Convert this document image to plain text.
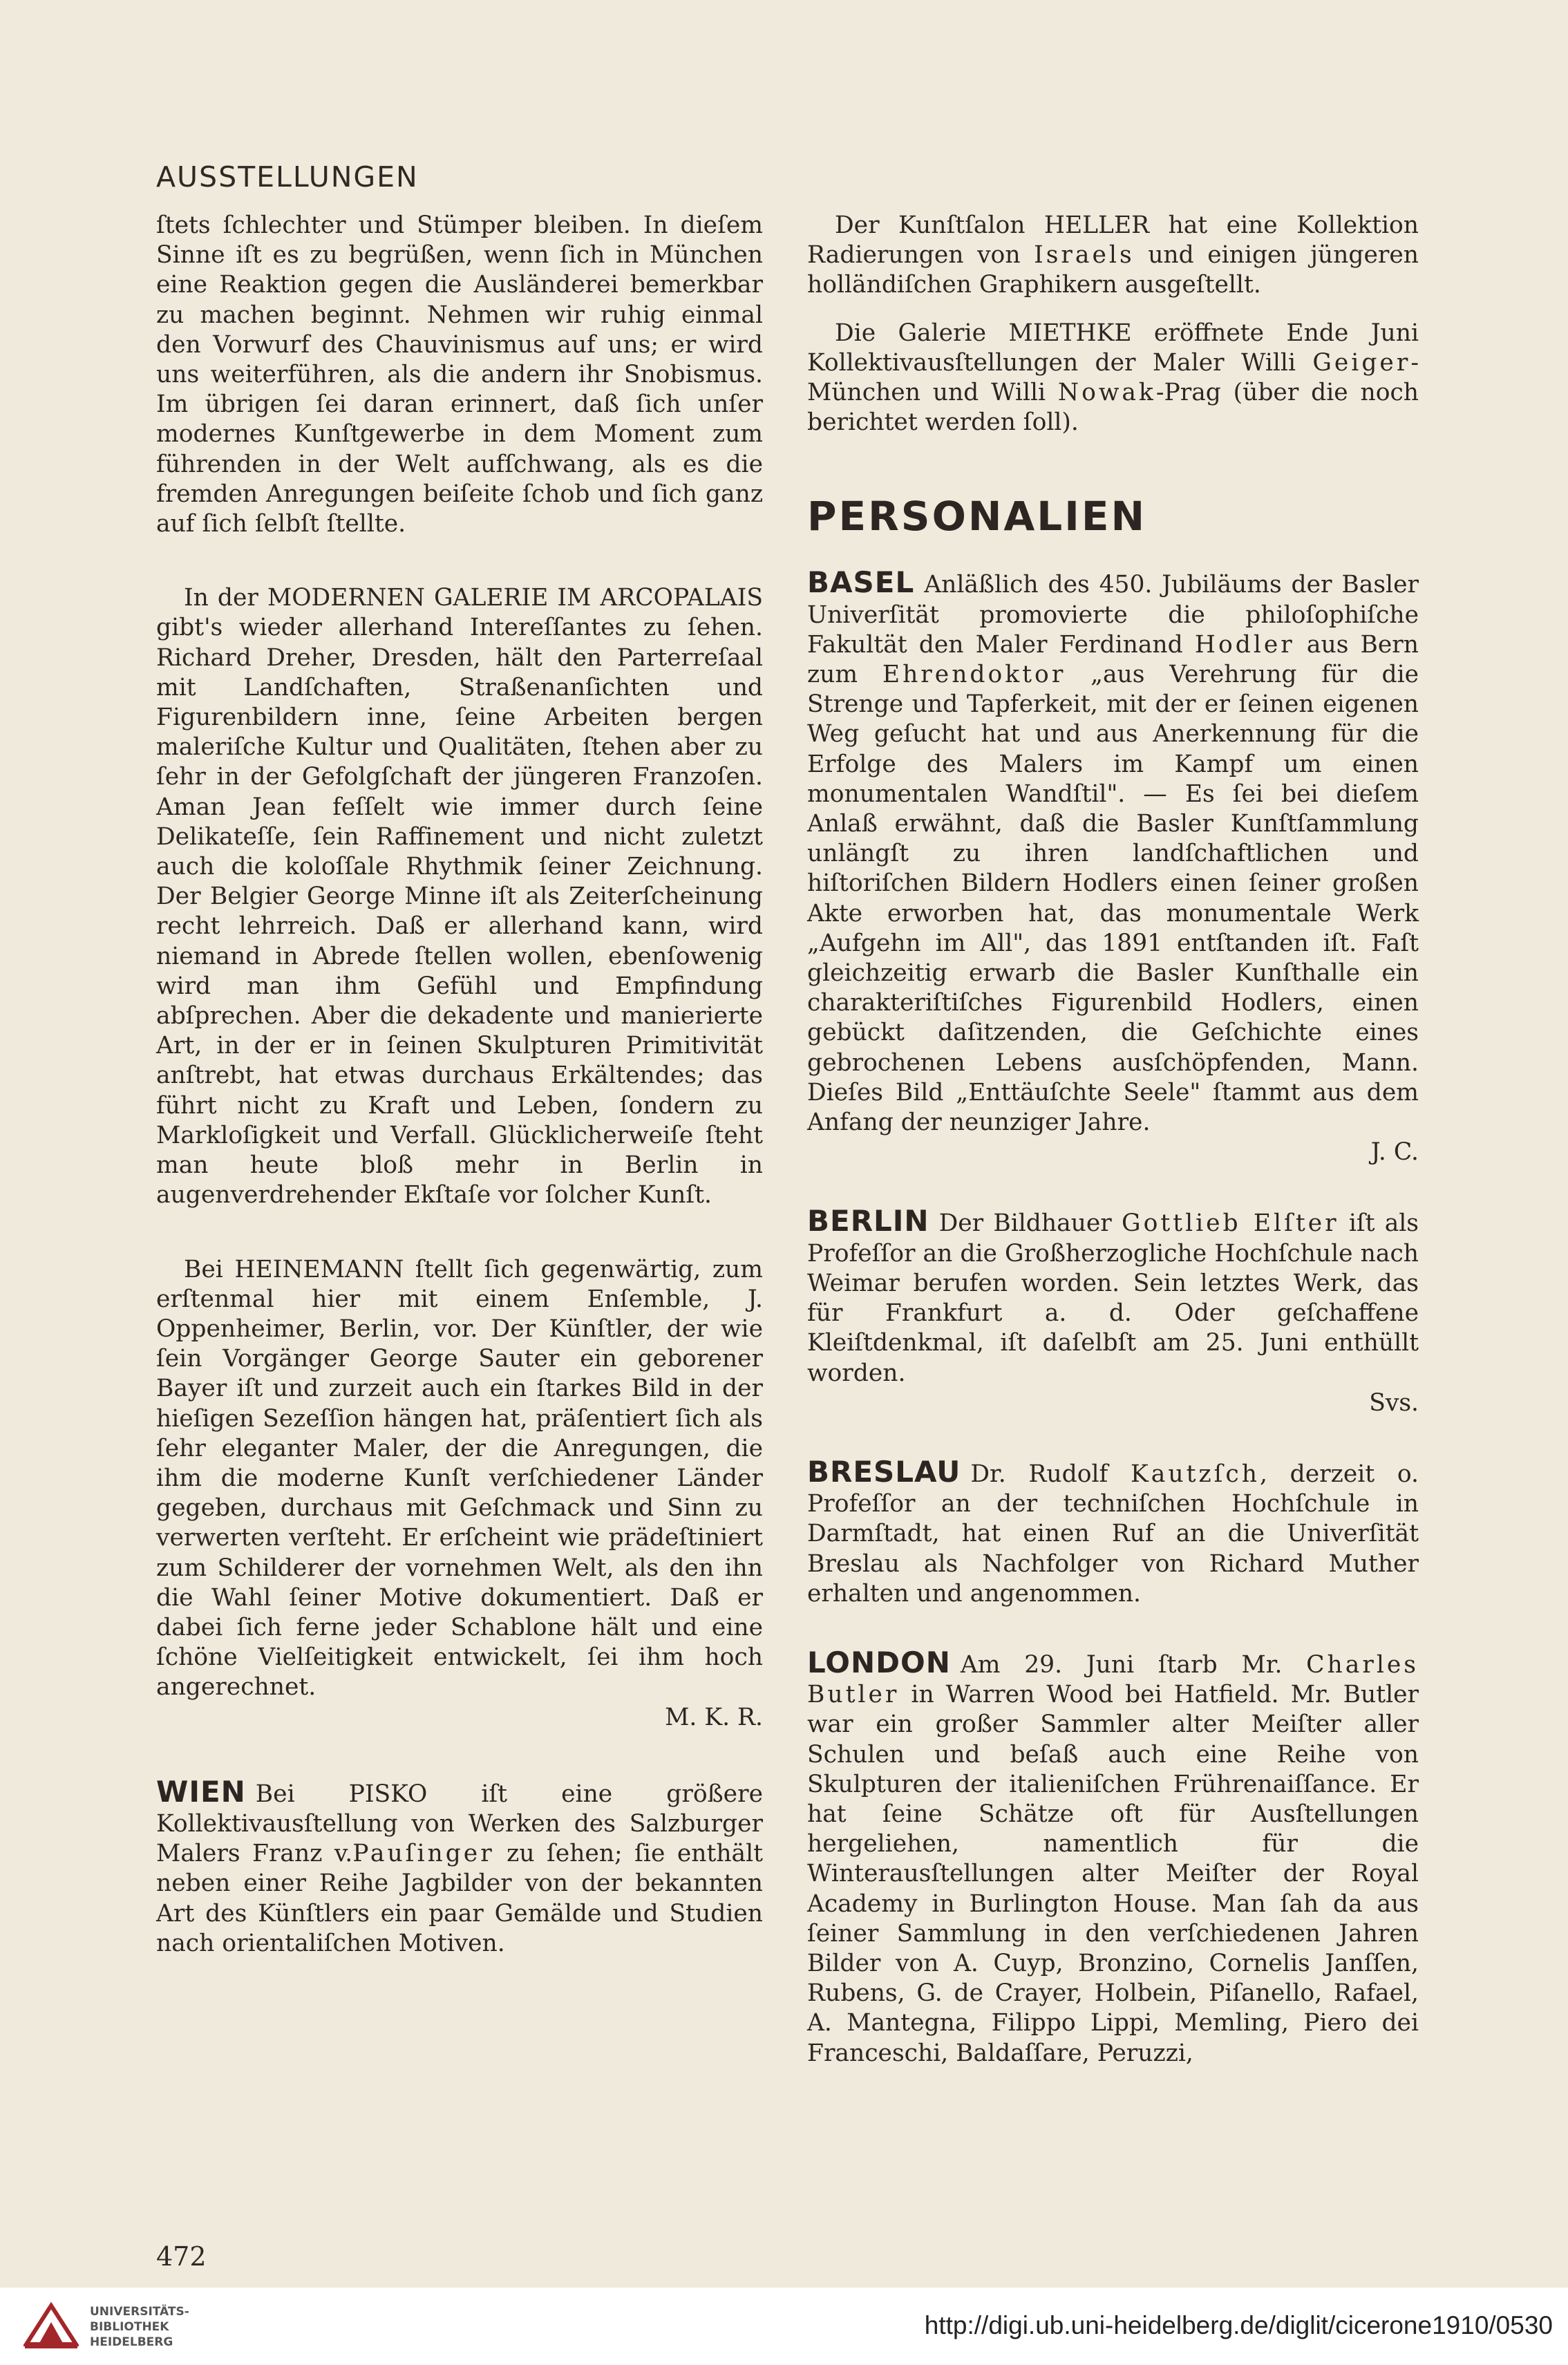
AUSSTELLUNGEN

ſtets ſchlechter und Stümper bleiben. In dieſem Sinne iſt es zu begrüßen, wenn ſich in München eine Reaktion gegen die Ausländerei bemerkbar zu machen beginnt. Nehmen wir ruhig einmal den Vorwurf des Chauvinismus auf uns; er wird uns weiterführen, als die andern ihr Snobismus. Im übrigen ſei daran erinnert, daß ſich unſer modernes Kunſtgewerbe in dem Moment zum führenden in der Welt aufſchwang, als es die fremden Anregungen beiſeite ſchob und ſich ganz auf ſich ſelbſt ſtellte.

In der MODERNEN GALERIE IM ARCOPALAIS gibt's wieder allerhand Intereſſantes zu ſehen. Richard Dreher, Dresden, hält den Parterreſaal mit Landſchaften, Straßenanſichten und Figurenbildern inne, ſeine Arbeiten bergen maleriſche Kultur und Qualitäten, ſtehen aber zu ſehr in der Gefolgſchaft der jüngeren Franzoſen. Aman Jean feſſelt wie immer durch ſeine Delikateſſe, ſein Raffinement und nicht zuletzt auch die koloſſale Rhythmik ſeiner Zeichnung. Der Belgier George Minne iſt als Zeiterſcheinung recht lehrreich. Daß er allerhand kann, wird niemand in Abrede ſtellen wollen, ebenſowenig wird man ihm Gefühl und Empfindung abſprechen. Aber die dekadente und manierierte Art, in der er in ſeinen Skulpturen Primitivität anſtrebt, hat etwas durchaus Erkältendes; das führt nicht zu Kraft und Leben, ſondern zu Markloſigkeit und Verfall. Glücklicherweiſe ſteht man heute bloß mehr in Berlin in augenverdrehender Ekſtaſe vor ſolcher Kunſt.

Bei HEINEMANN ſtellt ſich gegenwärtig, zum erſtenmal hier mit einem Enſemble, J. Oppenheimer, Berlin, vor. Der Künſtler, der wie ſein Vorgänger George Sauter ein geborener Bayer iſt und zurzeit auch ein ſtarkes Bild in der hieſigen Sezeſſion hängen hat, präſentiert ſich als ſehr eleganter Maler, der die Anregungen, die ihm die moderne Kunſt verſchiedener Länder gegeben, durchaus mit Geſchmack und Sinn zu verwerten verſteht. Er erſcheint wie prädeſtiniert zum Schilderer der vornehmen Welt, als den ihn die Wahl ſeiner Motive dokumentiert. Daß er dabei ſich ferne jeder Schablone hält und eine ſchöne Vielſeitigkeit entwickelt, ſei ihm hoch angerechnet.
M. K. R.

WIEN Bei PISKO iſt eine größere Kollektivausſtellung von Werken des Salzburger Malers Franz v.Pauſinger zu ſehen; ſie enthält neben einer Reihe Jagbilder von der bekannten Art des Künſtlers ein paar Gemälde und Studien nach orientaliſchen Motiven.

Der Kunſtſalon HELLER hat eine Kollektion Radierungen von Israels und einigen jüngeren holländiſchen Graphikern ausgeſtellt.

Die Galerie MIETHKE eröffnete Ende Juni Kollektivausſtellungen der Maler Willi Geiger-München und Willi Nowak-Prag (über die noch berichtet werden ſoll).

PERSONALIEN

BASEL Anläßlich des 450. Jubiläums der Basler Univerſität promovierte die philoſophiſche Fakultät den Maler Ferdinand Hodler aus Bern zum Ehrendoktor „aus Verehrung für die Strenge und Tapferkeit, mit der er ſeinen eigenen Weg geſucht hat und aus Anerkennung für die Erfolge des Malers im Kampf um einen monumentalen Wandſtil". — Es ſei bei dieſem Anlaß erwähnt, daß die Basler Kunſtſammlung unlängſt zu ihren landſchaftlichen und hiſtoriſchen Bildern Hodlers einen ſeiner großen Akte erworben hat, das monumentale Werk „Aufgehn im All", das 1891 entſtanden iſt. Faſt gleichzeitig erwarb die Basler Kunſthalle ein charakteriſtiſches Figurenbild Hodlers, einen gebückt daſitzenden, die Geſchichte eines gebrochenen Lebens ausſchöpfenden, Mann. Dieſes Bild „Enttäuſchte Seele" ſtammt aus dem Anfang der neunziger Jahre.
J. C.

BERLIN Der Bildhauer Gottlieb Elſter iſt als Profeſſor an die Großherzogliche Hochſchule nach Weimar berufen worden. Sein letztes Werk, das für Frankfurt a. d. Oder geſchaffene Kleiſtdenkmal, iſt daſelbſt am 25. Juni enthüllt worden.
Svs.

BRESLAU Dr. Rudolf Kautzſch, derzeit o. Profeſſor an der techniſchen Hochſchule in Darmſtadt, hat einen Ruf an die Univerſität Breslau als Nachfolger von Richard Muther erhalten und angenommen.

LONDON Am 29. Juni ſtarb Mr. Charles Butler in Warren Wood bei Hatfield. Mr. Butler war ein großer Sammler alter Meiſter aller Schulen und beſaß auch eine Reihe von Skulpturen der italieniſchen Frührenaiſſance. Er hat ſeine Schätze oft für Ausſtellungen hergeliehen, namentlich für die Winterausſtellungen alter Meiſter der Royal Academy in Burlington House. Man ſah da aus ſeiner Sammlung in den verſchiedenen Jahren Bilder von A. Cuyp, Bronzino, Cornelis Janſſen, Rubens, G. de Crayer, Holbein, Piſanello, Rafael, A. Mantegna, Filippo Lippi, Memling, Piero dei Franceschi, Baldaſſare, Peruzzi,

472
UNIVERSITÄTS-
BIBLIOTHEK
HEIDELBERG
http://digi.ub.uni-heidelberg.de/diglit/cicerone1910/0530
